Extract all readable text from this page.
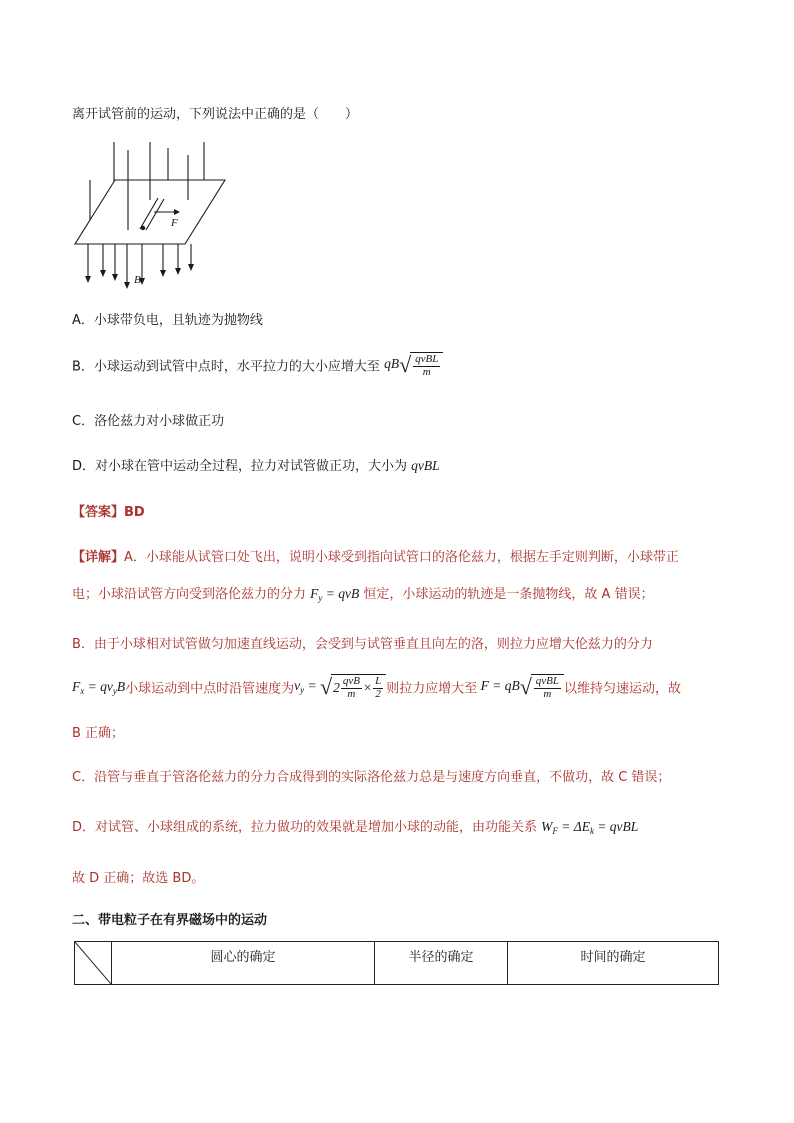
离开试管前的运动，下列说法中正确的是（　　）
F
B
A．小球带负电，且轨迹为抛物线
B．小球运动到试管中点时，水平拉力的大小应增大至 qB √ $\frac{\text{qvBL}}{m}$
C．洛伦兹力对小球做正功
D．对小球在管中运动全过程，拉力对试管做正功，大小为 qvBL
【答案】BD
【详解】A．小球能从试管口处飞出，说明小球受到指向试管口的洛伦兹力，根据左手定则判断，小球带正
电；小球沿试管方向受到洛伦兹力的分力 $F_y$ = qvB 恒定，小球运动的轨迹是一条抛物线，故 A 错误；
B．由于小球相对试管做匀加速直线运动，会受到与试管垂直且向左的洛，则拉力应增大伦兹力的分力
$F_x = qv_yB$小球运动到中点时沿管速度为$v_y$ = √ $2 \frac{\text{qvB}}{m} \times \frac{L}{2}$ 则拉力应增大至 F = qB √ $\frac{\text{qvBL}}{m}$ 以维持匀速运动，故
B 正确；
C．沿管与垂直于管洛伦兹力的分力合成得到的实际洛伦兹力总是与速度方向垂直，不做功，故 C 错误；
D．对试管、小球组成的系统，拉力做功的效果就是增加小球的动能，由功能关系 $W_F = \Delta E_k$ = qvBL
故 D 正确；故选 BD。
二、带电粒子在有界磁场中的运动
	圆心的确定	半径的确定	时间的确定
